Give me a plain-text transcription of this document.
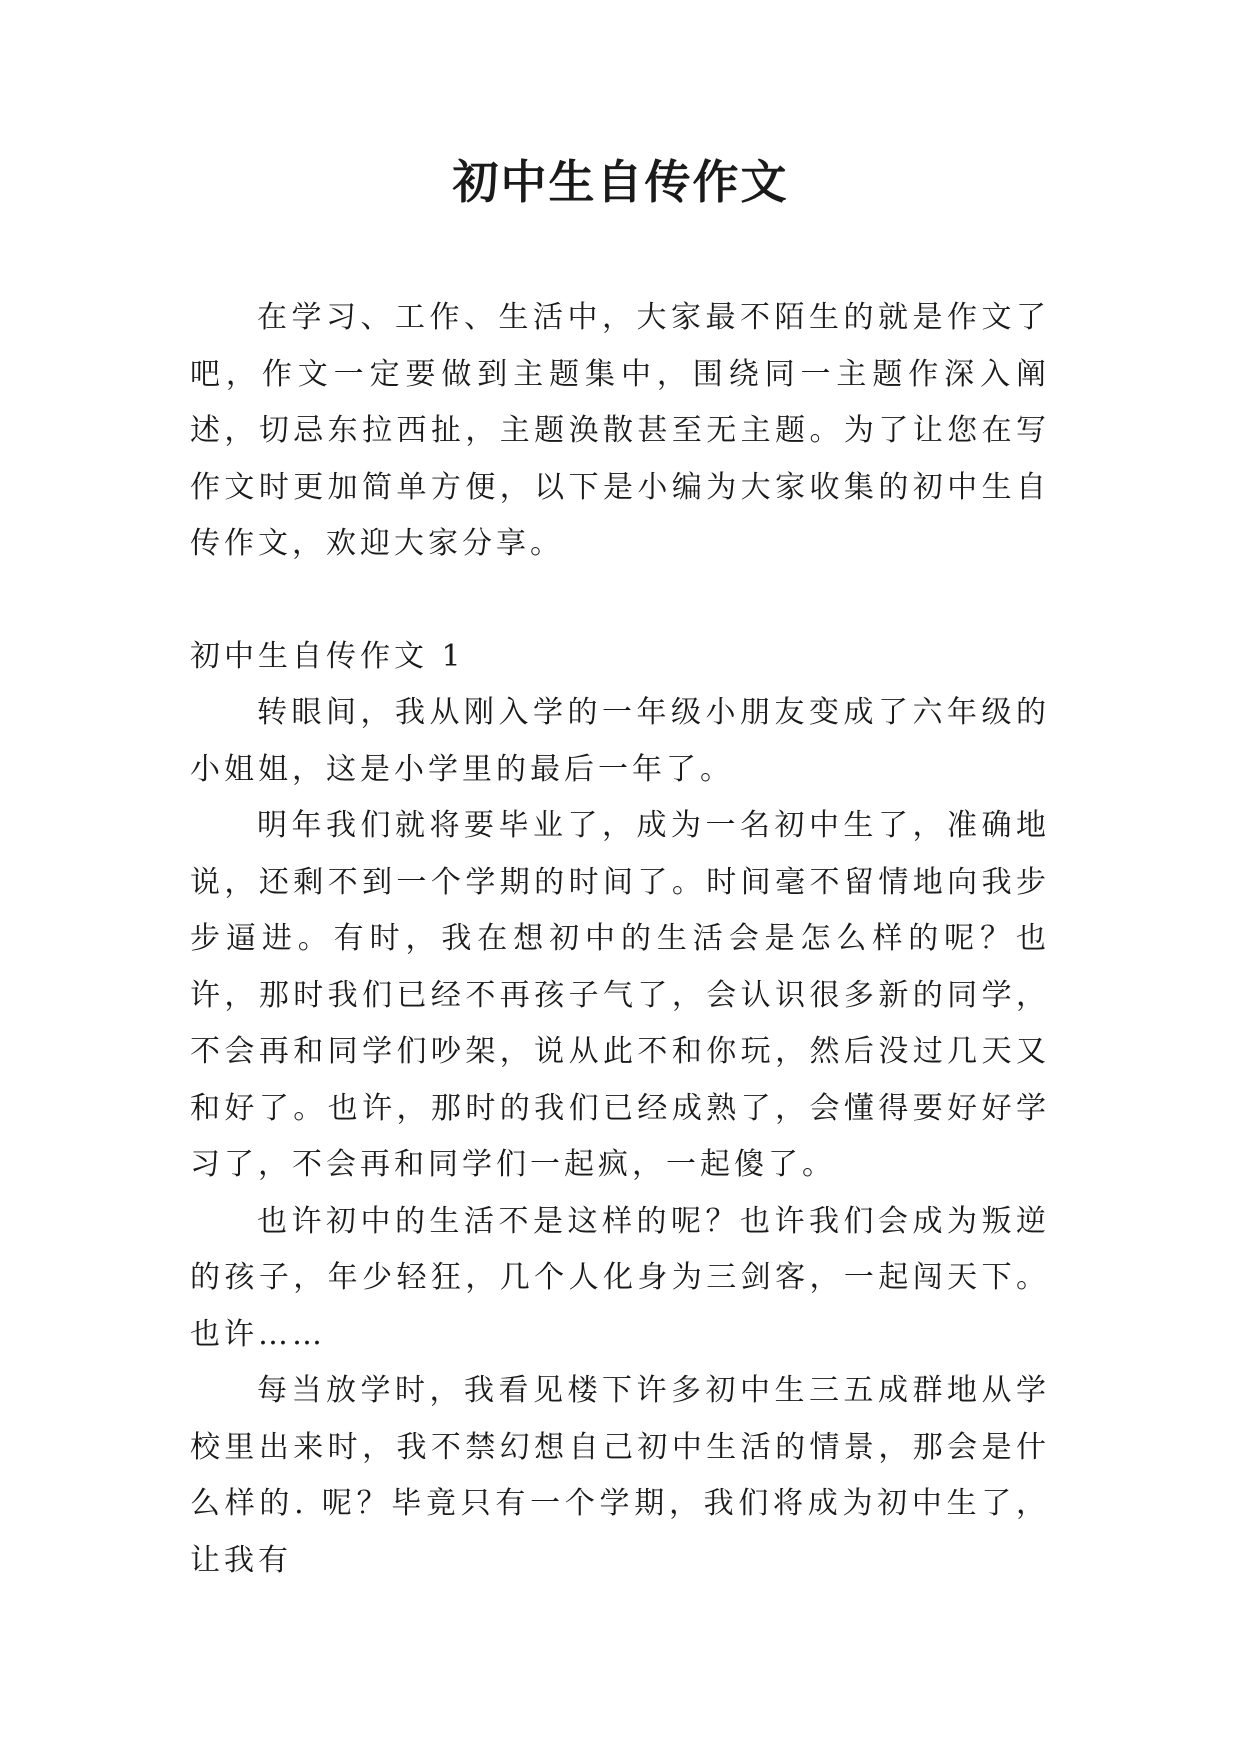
初中生自传作文

在学习、工作、生活中，大家最不陌生的就是作文了吧，作文一定要做到主题集中，围绕同一主题作深入阐述，切忌东拉西扯，主题涣散甚至无主题。为了让您在写作文时更加简单方便，以下是小编为大家收集的初中生自传作文，欢迎大家分享。

初中生自传作文 1

转眼间，我从刚入学的一年级小朋友变成了六年级的小姐姐，这是小学里的最后一年了。

明年我们就将要毕业了，成为一名初中生了，准确地说，还剩不到一个学期的时间了。时间毫不留情地向我步步逼进。有时，我在想初中的生活会是怎么样的呢？也许，那时我们已经不再孩子气了，会认识很多新的同学，不会再和同学们吵架，说从此不和你玩，然后没过几天又和好了。也许，那时的我们已经成熟了，会懂得要好好学习了，不会再和同学们一起疯，一起傻了。

也许初中的生活不是这样的呢？也许我们会成为叛逆的孩子，年少轻狂，几个人化身为三剑客，一起闯天下。也许……

每当放学时，我看见楼下许多初中生三五成群地从学校里出来时，我不禁幻想自己初中生活的情景，那会是什么样的. 呢？毕竟只有一个学期，我们将成为初中生了，让我有
